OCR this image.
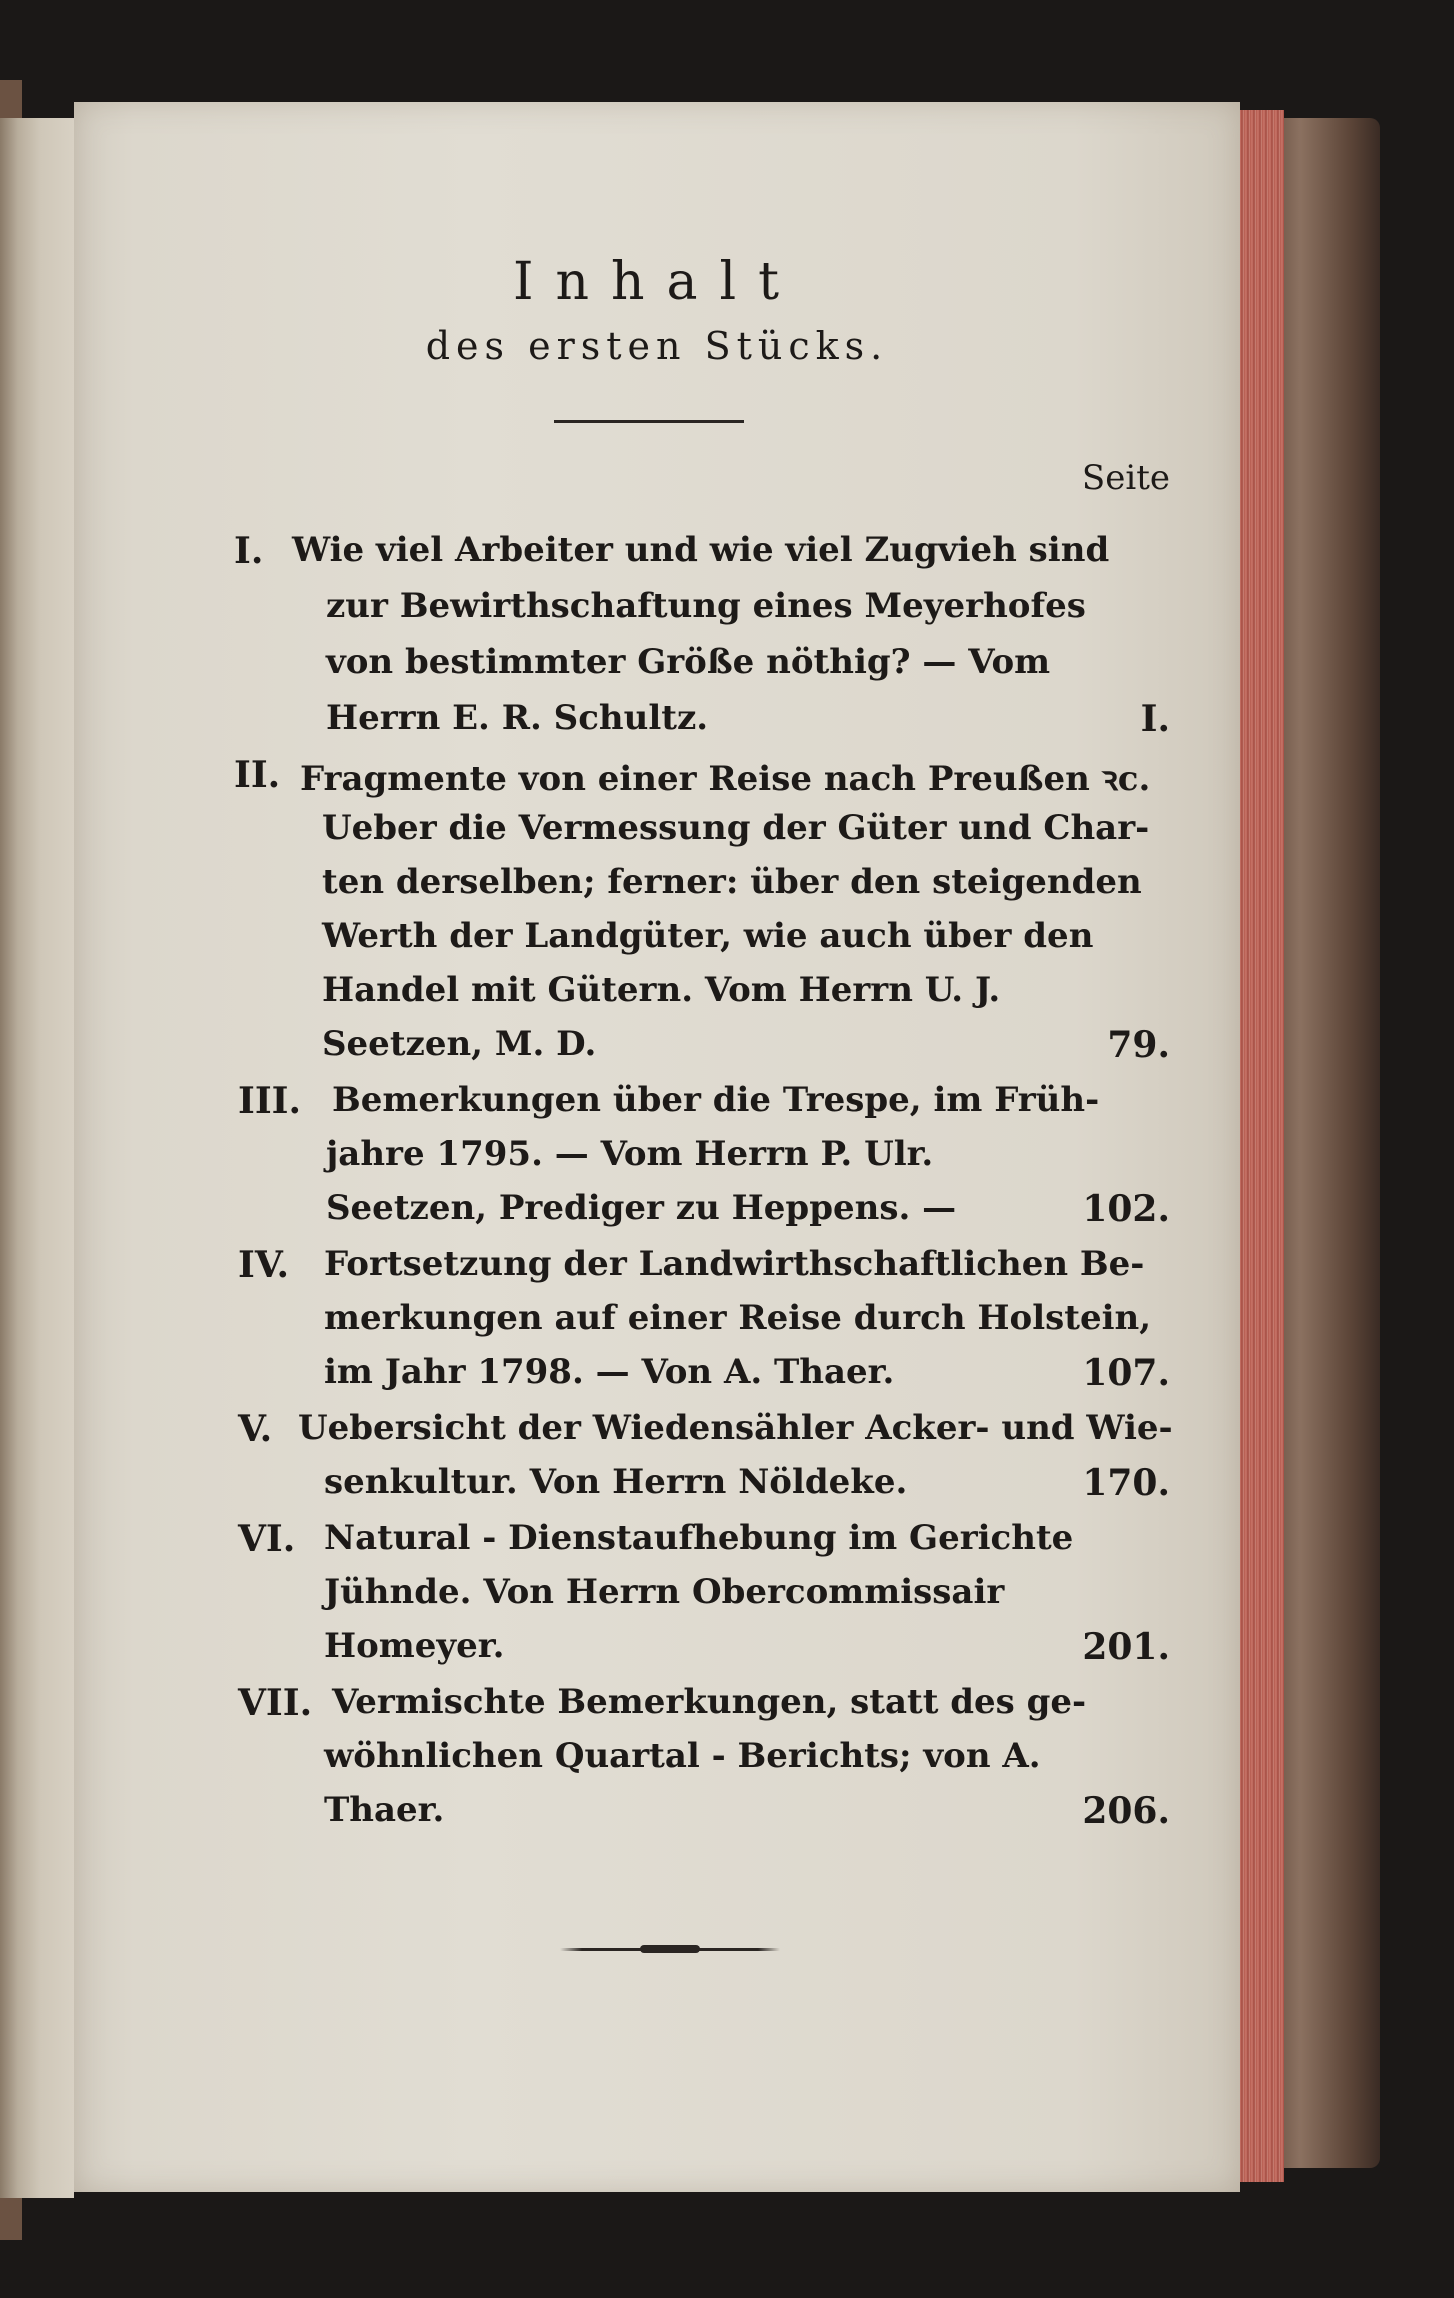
Inhalt
des ersten Stücks.
Seite
I. Wie viel Arbeiter und wie viel Zugvieh sind
zur Bewirthschaftung eines Meyerhofes
von bestimmter Größe nöthig? — Vom
Herrn E. R. Schultz.	I.
II. Fragmente von einer Reise nach Preußen ꝛc.
Ueber die Vermessung der Güter und Char-
ten derselben; ferner: über den steigenden
Werth der Landgüter, wie auch über den
Handel mit Gütern. Vom Herrn U. J.
Seetzen, M. D.	79.
III. Bemerkungen über die Trespe, im Früh-
jahre 1795. — Vom Herrn P. Ulr.
Seetzen, Prediger zu Heppens. —	102.
IV. Fortsetzung der Landwirthschaftlichen Be-
merkungen auf einer Reise durch Holstein,
im Jahr 1798. — Von A. Thaer.	107.
V. Uebersicht der Wiedensähler Acker- und Wie-
senkultur. Von Herrn Nöldeke.	170.
VI. Natural - Dienstaufhebung im Gerichte
Jühnde. Von Herrn Obercommissair
Homeyer.	201.
VII. Vermischte Bemerkungen, statt des ge-
wöhnlichen Quartal - Berichts; von A.
Thaer.	206.
